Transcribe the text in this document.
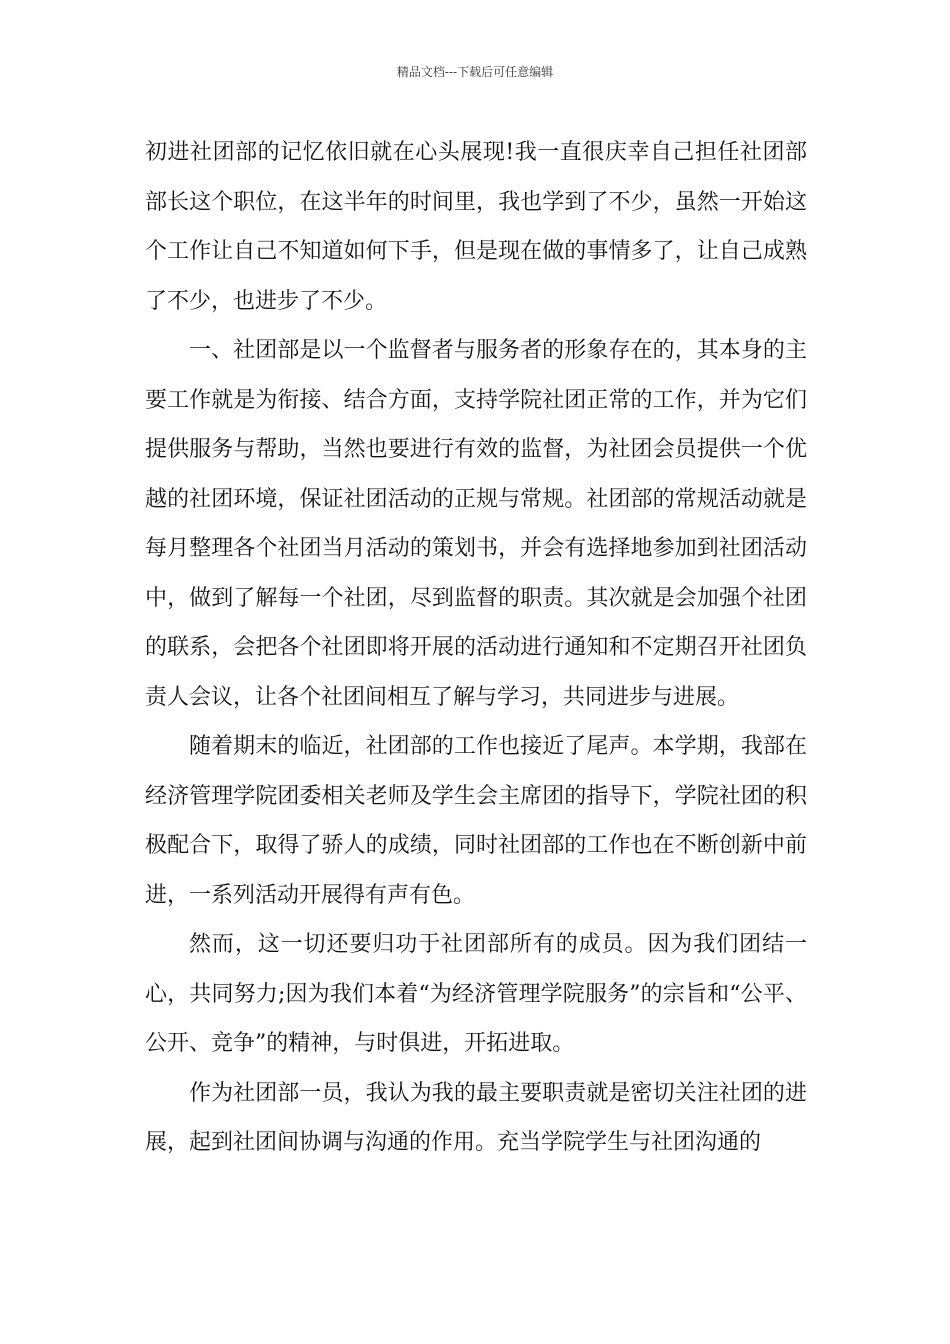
精品文档---下载后可任意编辑

初进社团部的记忆依旧就在心头展现!我一直很庆幸自己担任社团部部长这个职位，在这半年的时间里，我也学到了不少，虽然一开始这个工作让自己不知道如何下手，但是现在做的事情多了，让自己成熟了不少，也进步了不少。

一、社团部是以一个监督者与服务者的形象存在的，其本身的主要工作就是为衔接、结合方面，支持学院社团正常的工作，并为它们提供服务与帮助，当然也要进行有效的监督，为社团会员提供一个优越的社团环境，保证社团活动的正规与常规。社团部的常规活动就是每月整理各个社团当月活动的策划书，并会有选择地参加到社团活动中，做到了解每一个社团，尽到监督的职责。其次就是会加强个社团的联系，会把各个社团即将开展的活动进行通知和不定期召开社团负责人会议，让各个社团间相互了解与学习，共同进步与进展。

随着期末的临近，社团部的工作也接近了尾声。本学期，我部在经济管理学院团委相关老师及学生会主席团的指导下，学院社团的积极配合下，取得了骄人的成绩，同时社团部的工作也在不断创新中前进，一系列活动开展得有声有色。

然而，这一切还要归功于社团部所有的成员。因为我们团结一心，共同努力;因为我们本着“为经济管理学院服务”的宗旨和“公平、公开、竞争”的精神，与时俱进，开拓进取。

作为社团部一员，我认为我的最主要职责就是密切关注社团的进展，起到社团间协调与沟通的作用。充当学院学生与社团沟通的
